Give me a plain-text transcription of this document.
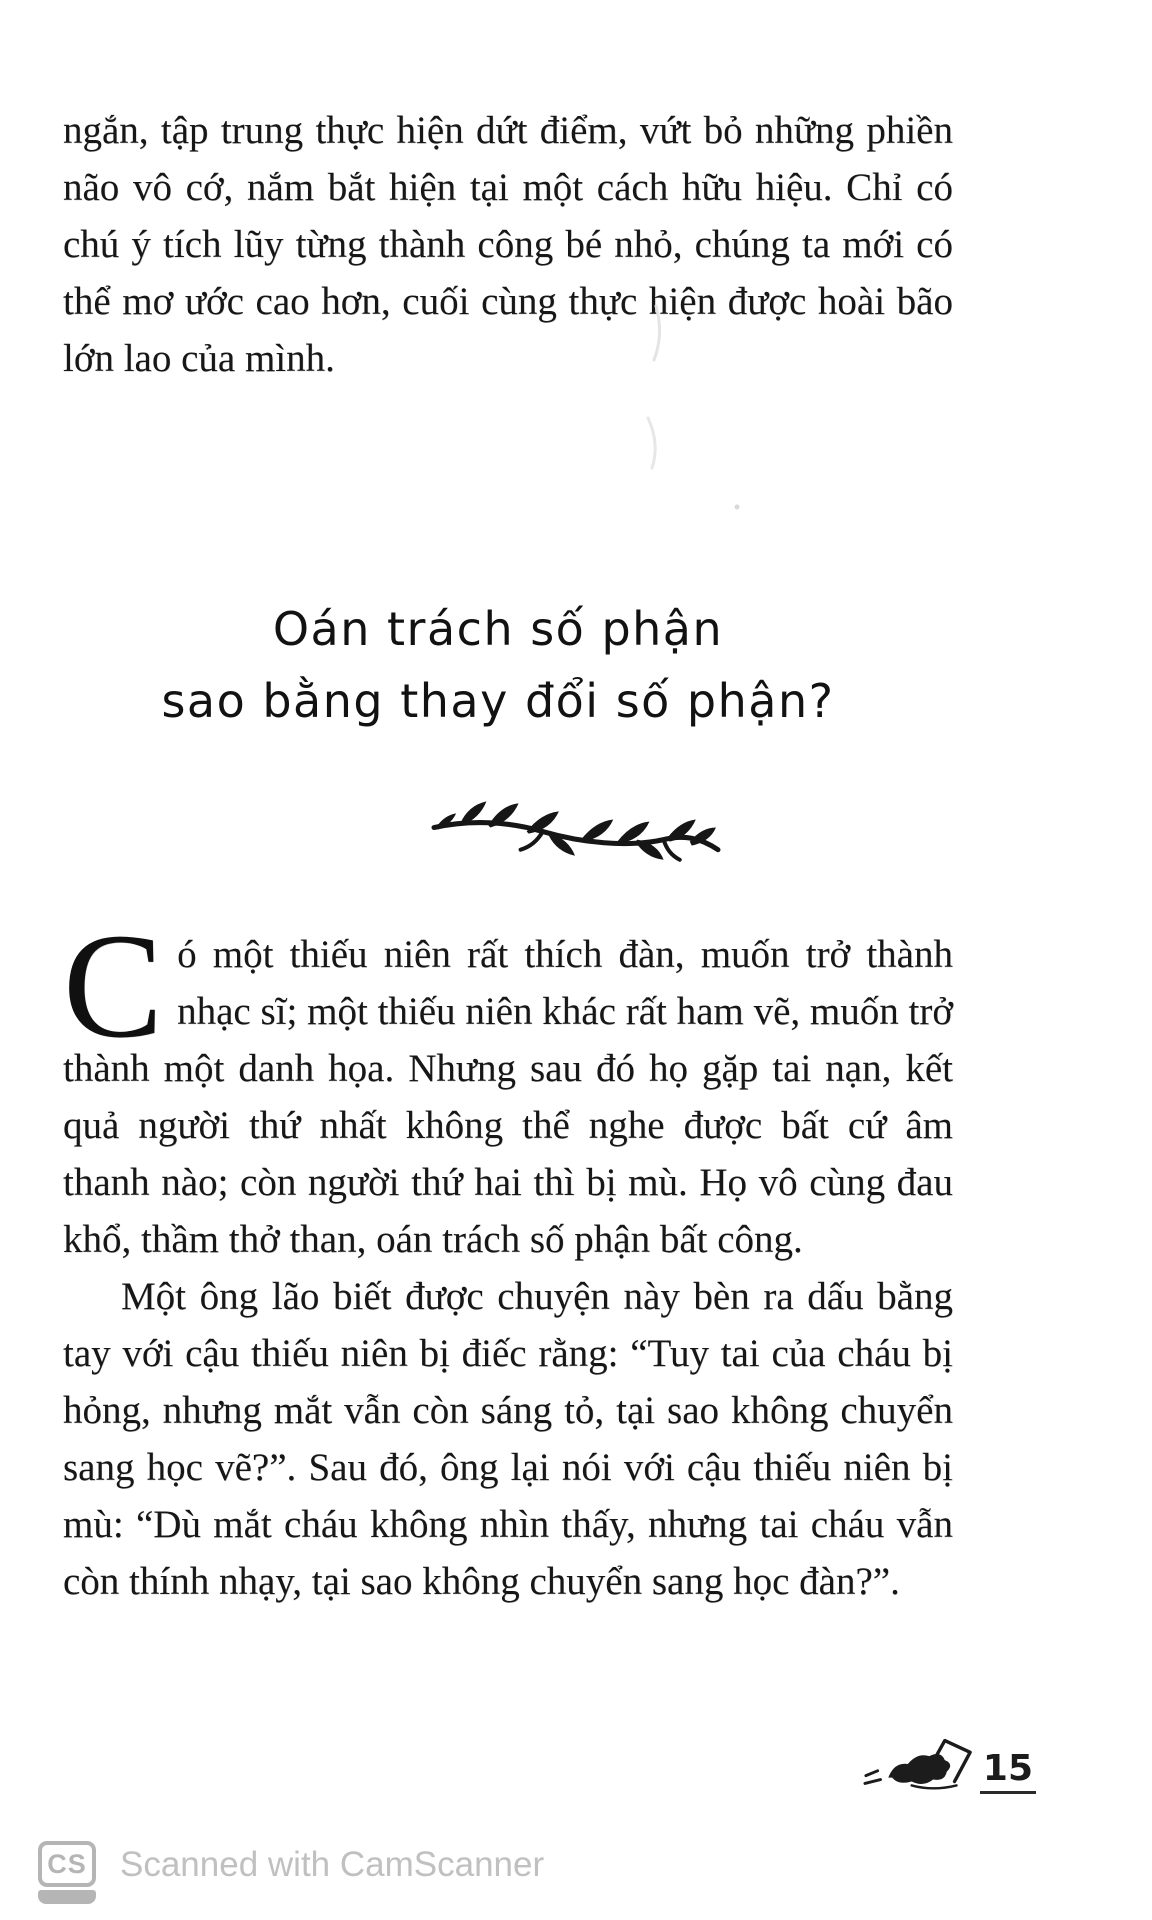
ngắn, tập trung thực hiện dứt điểm, vứt bỏ những phiền não vô cớ, nắm bắt hiện tại một cách hữu hiệu. Chỉ có chú ý tích lũy từng thành công bé nhỏ, chúng ta mới có thể mơ ước cao hơn, cuối cùng thực hiện được hoài bão lớn lao của mình.

Oán trách số phận
sao bằng thay đổi số phận?

Có một thiếu niên rất thích đàn, muốn trở thành nhạc sĩ; một thiếu niên khác rất ham vẽ, muốn trở thành một danh họa. Nhưng sau đó họ gặp tai nạn, kết quả người thứ nhất không thể nghe được bất cứ âm thanh nào; còn người thứ hai thì bị mù. Họ vô cùng đau khổ, thầm thở than, oán trách số phận bất công.

Một ông lão biết được chuyện này bèn ra dấu bằng tay với cậu thiếu niên bị điếc rằng: “Tuy tai của cháu bị hỏng, nhưng mắt vẫn còn sáng tỏ, tại sao không chuyển sang học vẽ?”. Sau đó, ông lại nói với cậu thiếu niên bị mù: “Dù mắt cháu không nhìn thấy, nhưng tai cháu vẫn còn thính nhạy, tại sao không chuyển sang học đàn?”.

15
CS Scanned with CamScanner
